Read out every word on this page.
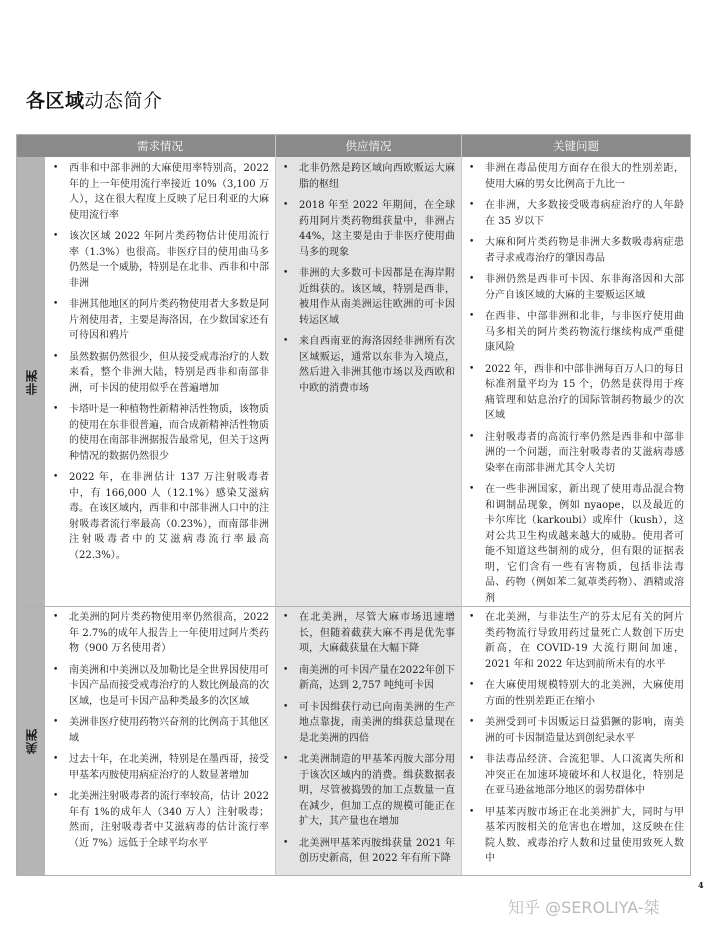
各区域动态简介
需求情况	供应情况	关键问题
非洲
• 西非和中部非洲的大麻使用率特别高，2022 年的上一年使用流行率接近 10%（3,100 万人），这在很大程度上反映了尼日利亚的大麻使用流行率
• 该次区域 2022 年阿片类药物估计使用流行率（1.3%）也很高。非医疗目的使用曲马多仍然是一个威胁，特别是在北非、西非和中部非洲
• 非洲其他地区的阿片类药物使用者大多数是阿片剂使用者，主要是海洛因，在少数国家还有可待因和鸦片
• 虽然数据仍然很少，但从接受戒毒治疗的人数来看，整个非洲大陆，特别是西非和南部非洲，可卡因的使用似乎在普遍增加
• 卡塔叶是一种植物性新精神活性物质，该物质的使用在东非很普遍，而合成新精神活性物质的使用在南部非洲据报告最常见，但关于这两种情况的数据仍然很少
• 2022 年，在非洲估计 137 万注射吸毒者中，有 166,000 人（12.1%）感染艾滋病毒。在该区域内，西非和中部非洲人口中的注射吸毒者流行率最高（0.23%），而南部非洲注射吸毒者中的艾滋病毒流行率最高（22.3%）。
• 北非仍然是跨区域向西欧贩运大麻脂的枢纽
• 2018 年至 2022 年期间，在全球药用阿片类药物缉获量中，非洲占 44%，这主要是由于非医疗使用曲马多的现象
• 非洲的大多数可卡因都是在海岸附近缉获的。该区域，特别是西非，被用作从南美洲运往欧洲的可卡因转运区域
• 来自西南亚的海洛因经非洲所有次区域贩运，通常以东非为入境点，然后进入非洲其他市场以及西欧和中欧的消费市场
• 非洲在毒品使用方面存在很大的性别差距，使用大麻的男女比例高于九比一
• 在非洲，大多数接受吸毒病症治疗的人年龄在 35 岁以下
• 大麻和阿片类药物是非洲大多数吸毒病症患者寻求戒毒治疗的肇因毒品
• 非洲仍然是西非可卡因、东非海洛因和大部分产自该区域的大麻的主要贩运区域
• 在西非、中部非洲和北非，与非医疗使用曲马多相关的阿片类药物流行继续构成严重健康风险
• 2022 年，西非和中部非洲每百万人口的每日标准剂量平均为 15 个，仍然是获得用于疼痛管理和姑息治疗的国际管制药物最少的次区域
• 注射吸毒者的高流行率仍然是西非和中部非洲的一个问题，而注射吸毒者的艾滋病毒感染率在南部非洲尤其令人关切
• 在一些非洲国家，新出现了使用毒品混合物和调制品现象，例如 nyaope，以及最近的卡尔库比（karkoubi）或库什（kush），这对公共卫生构成越来越大的威胁。使用者可能不知道这些制剂的成分，但有限的证据表明，它们含有一些有害物质，包括非法毒品、药物（例如苯二氮䓬类药物）、酒精或溶剂
美洲
• 北美洲的阿片类药物使用率仍然很高，2022 年 2.7%的成年人报告上一年使用过阿片类药物（900 万名使用者）
• 南美洲和中美洲以及加勒比是全世界因使用可卡因产品而接受戒毒治疗的人数比例最高的次区域，也是可卡因产品种类最多的次区域
• 美洲非医疗使用药物兴奋剂的比例高于其他区域
• 过去十年，在北美洲，特别是在墨西哥，接受甲基苯丙胺使用病症治疗的人数显著增加
• 北美洲注射吸毒者的流行率较高，估计 2022 年有 1%的成年人（340 万人）注射吸毒；然而，注射吸毒者中艾滋病毒的估计流行率（近 7%）远低于全球平均水平
• 在北美洲，尽管大麻市场迅速增长，但随着截获大麻不再是优先事项，大麻截获量在大幅下降
• 南美洲的可卡因产量在2022年创下新高，达到 2,757 吨纯可卡因
• 可卡因缉获行动已向南美洲的生产地点靠拢，南美洲的缉获总量现在是北美洲的四倍
• 北美洲制造的甲基苯丙胺大部分用于该次区域内的消费。缉获数据表明，尽管被捣毁的加工点数量一直在减少，但加工点的规模可能正在扩大，其产量也在增加
• 北美洲甲基苯丙胺缉获量 2021 年创历史新高，但 2022 年有所下降
• 在北美洲，与非法生产的芬太尼有关的阿片类药物流行导致用药过量死亡人数创下历史新高，在 COVID-19 大流行期间加速，2021 年和 2022 年达到前所未有的水平
• 在大麻使用规模特别大的北美洲，大麻使用方面的性别差距正在缩小
• 美洲受到可卡因贩运日益猖獗的影响，南美洲的可卡因制造量达到创纪录水平
• 非法毒品经济、合流犯罪、人口流离失所和冲突正在加速环境破坏和人权退化，特别是在亚马逊盆地部分地区的弱势群体中
• 甲基苯丙胺市场正在北美洲扩大，同时与甲基苯丙胺相关的危害也在增加，这反映在住院人数、戒毒治疗人数和过量使用致死人数中
4
知乎 @SEROLIYA-桀
